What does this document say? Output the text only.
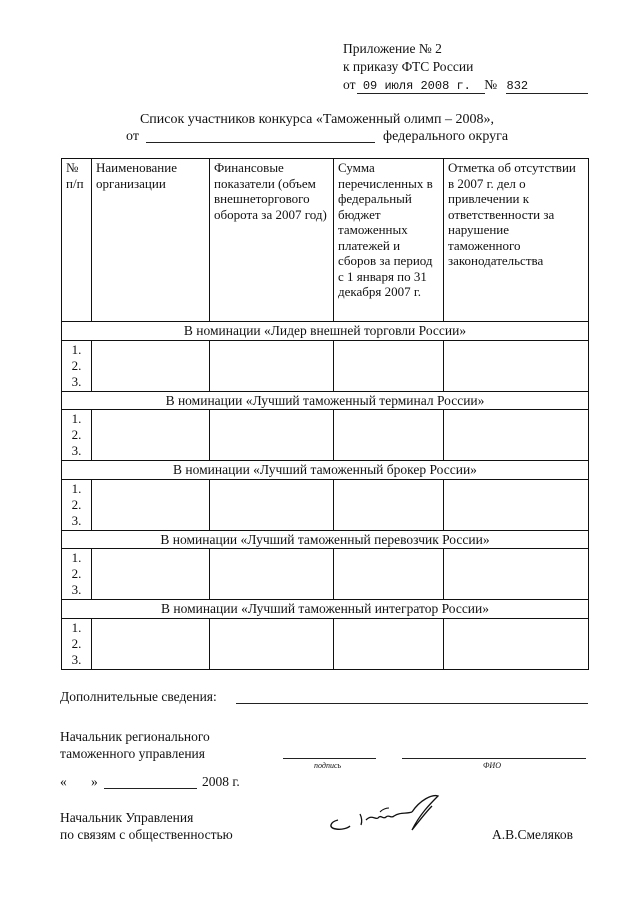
Приложение № 2
к приказу ФТС России
от 09 июля 2008 г. № 832
Список участников конкурса «Таможенный олимп – 2008»,
от	федерального округа
№ п/п	Наименование организации	Финансовые показатели (объем внешнеторгового оборота за 2007 год)	Сумма перечисленных в федеральный бюджет таможенных платежей и сборов за период с 1 января по 31 декабря 2007 г.	Отметка об отсутствии в 2007 г. дел о привлечении к ответственности за нарушение таможенного законодательства
В номинации «Лидер внешней торговли России»				

1.
2.
3.				

В номинации «Лучший таможенный терминал России»				

1.
2.
3.				

В номинации «Лучший таможенный брокер России»				

1.
2.
3.				

В номинации «Лучший таможенный перевозчик России»				

1.
2.
3.				

В номинации «Лучший таможенный интегратор России»				

1.
2.
3.				

Дополнительные сведения:
Начальник регионального
таможенного управления
подпись	ФИО
« »	2008 г.
Начальник Управления
по связям с общественностью	А.В.Смеляков
